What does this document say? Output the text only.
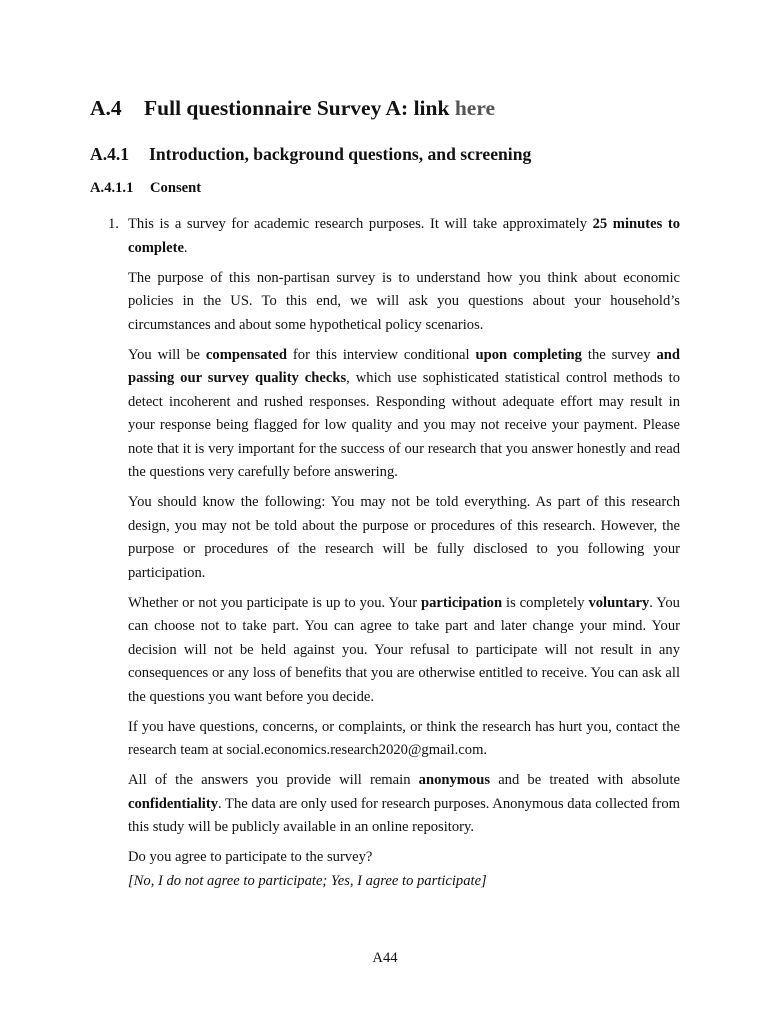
A.4 Full questionnaire Survey A: link here
A.4.1 Introduction, background questions, and screening
A.4.1.1 Consent
1. This is a survey for academic research purposes. It will take approximately 25 minutes to complete.

The purpose of this non-partisan survey is to understand how you think about economic policies in the US. To this end, we will ask you questions about your household’s circumstances and about some hypothetical policy scenarios.

You will be compensated for this interview conditional upon completing the survey and passing our survey quality checks, which use sophisticated statistical control methods to detect incoherent and rushed responses. Responding without adequate effort may result in your response being flagged for low quality and you may not receive your payment. Please note that it is very important for the success of our research that you answer honestly and read the questions very carefully before answering.

You should know the following: You may not be told everything. As part of this research design, you may not be told about the purpose or procedures of this research. However, the purpose or procedures of the research will be fully disclosed to you following your participation.

Whether or not you participate is up to you. Your participation is completely voluntary. You can choose not to take part. You can agree to take part and later change your mind. Your decision will not be held against you. Your refusal to participate will not result in any consequences or any loss of benefits that you are otherwise entitled to receive. You can ask all the questions you want before you decide.

If you have questions, concerns, or complaints, or think the research has hurt you, contact the research team at social.economics.research2020@gmail.com.

All of the answers you provide will remain anonymous and be treated with absolute confidentiality. The data are only used for research purposes. Anonymous data collected from this study will be publicly available in an online repository.

Do you agree to participate to the survey?
[No, I do not agree to participate; Yes, I agree to participate]

A44
